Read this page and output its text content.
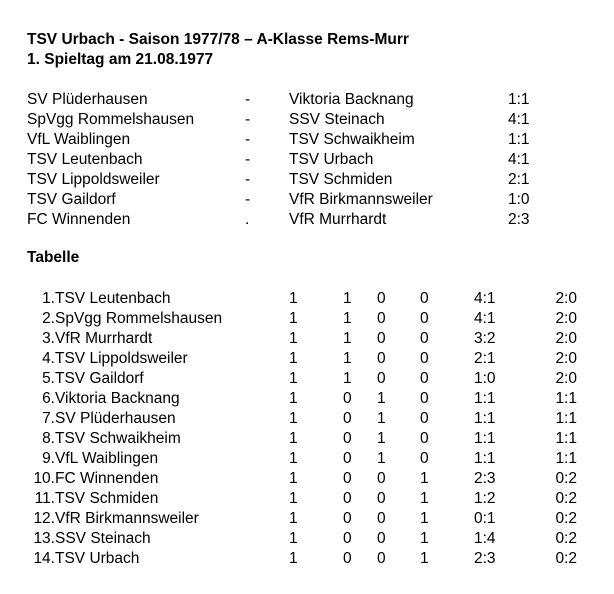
TSV Urbach - Saison 1977/78 – A-Klasse Rems-Murr
1. Spieltag am 21.08.1977
SV Plüderhausen	-	Viktoria Backnang	1:1
SpVgg Rommelshausen	-	SSV Steinach	4:1
VfL Waiblingen	-	TSV Schwaikheim	1:1
TSV Leutenbach	-	TSV Urbach	4:1
TSV Lippoldsweiler	-	TSV Schmiden	2:1
TSV Gaildorf	-	VfR Birkmannsweiler	1:0
FC Winnenden	.	VfR Murrhardt	2:3
Tabelle
1. TSV Leutenbach	1	1 0 0	4:1	2:0
2. SpVgg Rommelshausen	1	1 0 0	4:1	2:0
3. VfR Murrhardt	1	1 0 0	3:2	2:0
4. TSV Lippoldsweiler	1	1 0 0	2:1	2:0
5. TSV Gaildorf	1	1 0 0	1:0	2:0
6. Viktoria Backnang	1	0 1 0	1:1	1:1
7. SV Plüderhausen	1	0 1 0	1:1	1:1
8. TSV Schwaikheim	1	0 1 0	1:1	1:1
9. VfL Waiblingen	1	0 1 0	1:1	1:1
10. FC Winnenden	1	0 0 1	2:3	0:2
11. TSV Schmiden	1	0 0 1	1:2	0:2
12. VfR Birkmannsweiler	1	0 0 1	0:1	0:2
13. SSV Steinach	1	0 0 1	1:4	0:2
14. TSV Urbach	1	0 0 1	2:3	0:2
